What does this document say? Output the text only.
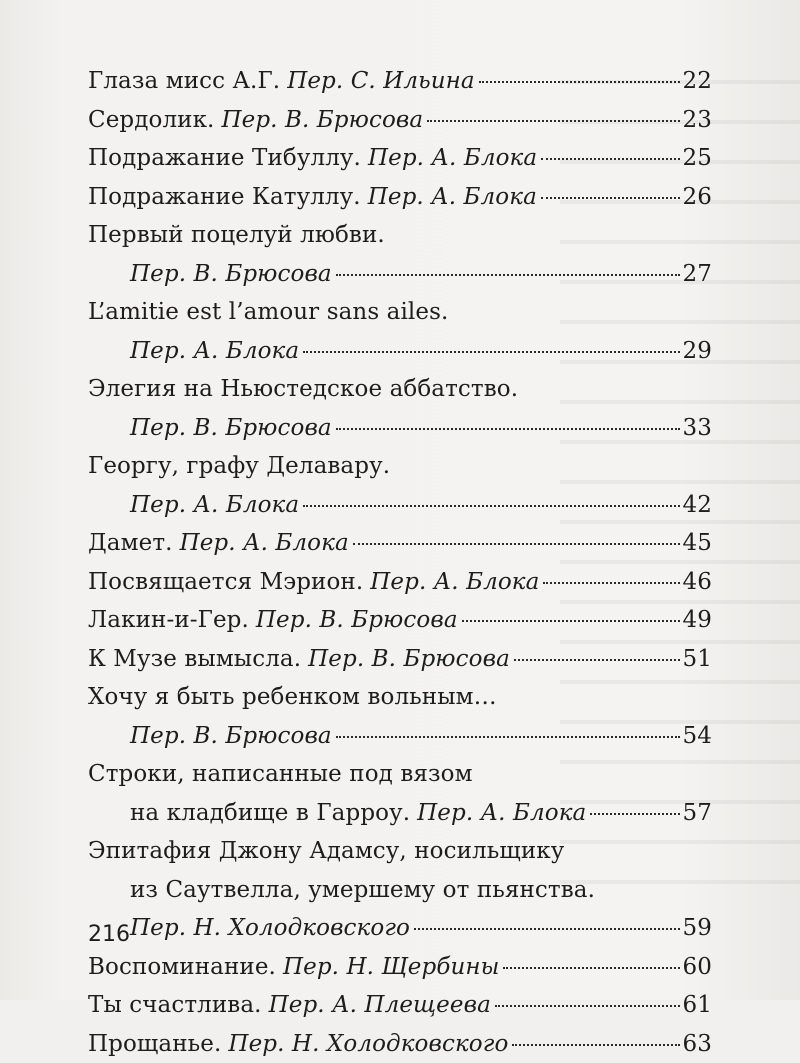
Глаза мисс А.Г. Пер. С. Ильина	22
Сердолик. Пер. В. Брюсова	23
Подражание Тибуллу. Пер. А. Блока	25
Подражание Катуллу. Пер. А. Блока	26
Первый поцелуй любви.
Пер. В. Брюсова	27
L’amitie est l’amour sans ailes.
Пер. А. Блока	29
Элегия на Ньюстедское аббатство.
Пер. В. Брюсова	33
Георгу, графу Делавару.
Пер. А. Блока	42
Дамет. Пер. А. Блока	45
Посвящается Мэрион. Пер. А. Блока	46
Лакин-и-Гер. Пер. В. Брюсова	49
К Музе вымысла. Пер. В. Брюсова	51
Хочу я быть ребенком вольным…
Пер. В. Брюсова	54
Строки, написанные под вязом
на кладбище в Гарроу. Пер. А. Блока	57
Эпитафия Джону Адамсу, носильщику
из Саутвелла, умершему от пьянства.
Пер. Н. Холодковского	59
Воспоминание. Пер. Н. Щербины	60
Ты счастлива. Пер. А. Плещеева	61
Прощанье. Пер. Н. Холодковского	63
216
